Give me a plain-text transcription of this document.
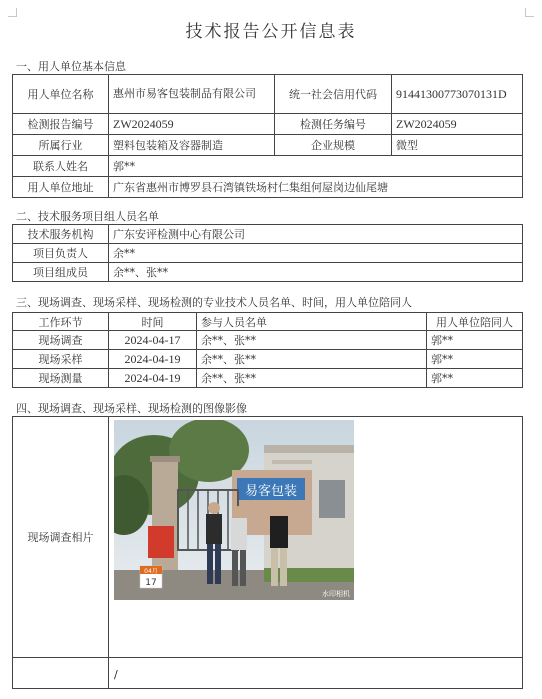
技术报告公开信息表
一、用人单位基本信息
用人单位名称	惠州市易客包装制品有限公司	统一社会信用代码	91441300773070131D
检测报告编号	ZW2024059	检测任务编号	ZW2024059
所属行业	塑料包装箱及容器制造	企业规模	微型
联系人姓名	郭**		
用人单位地址	广东省惠州市博罗县石湾镇铁场村仁集组何屋岗边仙尾塘		
二、技术服务项目组人员名单
技术服务机构	广东安评检测中心有限公司
项目负责人	余**
项目组成员	余**、张**
三、现场调查、现场采样、现场检测的专业技术人员名单、时间，用人单位陪同人
工作环节	时间	参与人员名单	用人单位陪同人
现场调查	2024-04-17	余**、张**	郭**
现场采样	2024-04-19	余**、张**	郭**
现场测量	2024-04-19	余**、张**	郭**
四、现场调查、现场采样、现场检测的图像影像
现场调查相片	

/
易客包装
04月
17
水印相机
